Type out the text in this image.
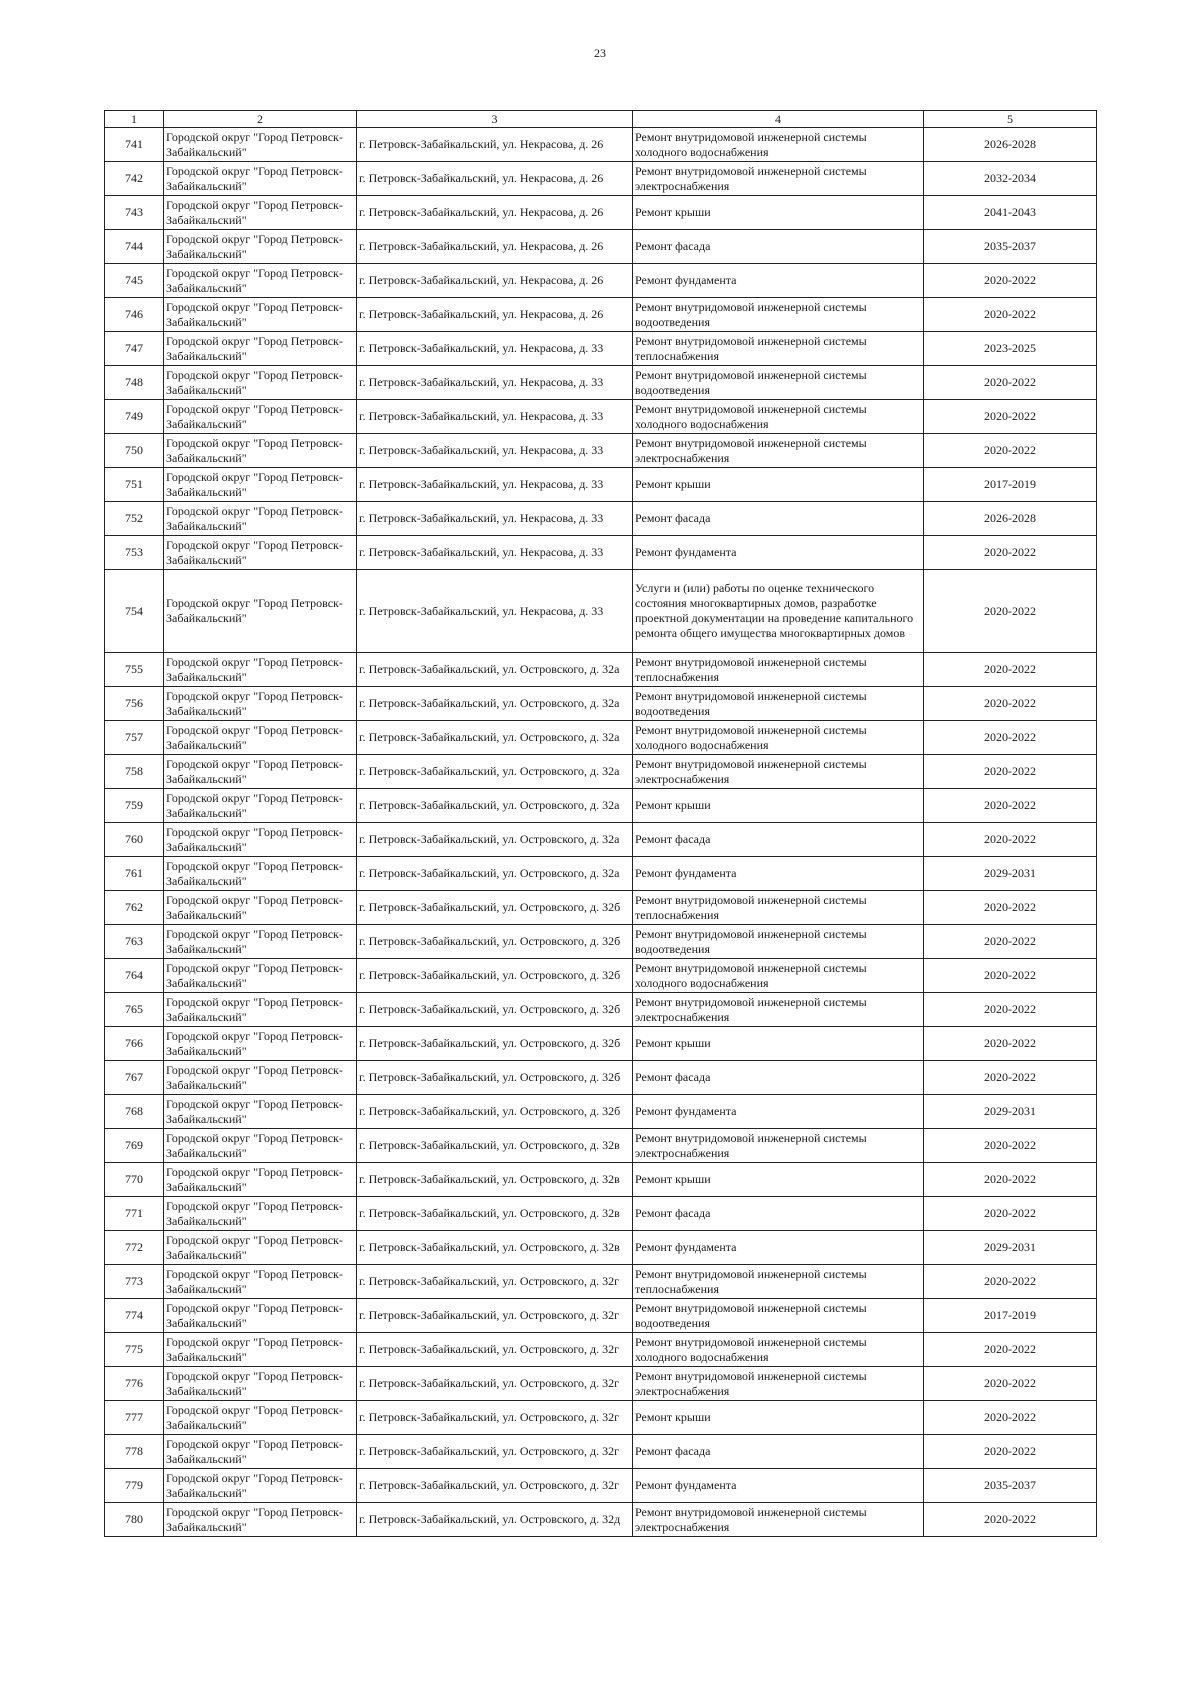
23
1	2	3	4	5
741	Городской округ "Город Петровск-Забайкальский"	г. Петровск-Забайкальский, ул. Некрасова, д. 26	Ремонт внутридомовой инженерной системы холодного водоснабжения	2026-2028
742	Городской округ "Город Петровск-Забайкальский"	г. Петровск-Забайкальский, ул. Некрасова, д. 26	Ремонт внутридомовой инженерной системы электроснабжения	2032-2034
743	Городской округ "Город Петровск-Забайкальский"	г. Петровск-Забайкальский, ул. Некрасова, д. 26	Ремонт крыши	2041-2043
744	Городской округ "Город Петровск-Забайкальский"	г. Петровск-Забайкальский, ул. Некрасова, д. 26	Ремонт фасада	2035-2037
745	Городской округ "Город Петровск-Забайкальский"	г. Петровск-Забайкальский, ул. Некрасова, д. 26	Ремонт фундамента	2020-2022
746	Городской округ "Город Петровск-Забайкальский"	г. Петровск-Забайкальский, ул. Некрасова, д. 26	Ремонт внутридомовой инженерной системы водоотведения	2020-2022
747	Городской округ "Город Петровск-Забайкальский"	г. Петровск-Забайкальский, ул. Некрасова, д. 33	Ремонт внутридомовой инженерной системы теплоснабжения	2023-2025
748	Городской округ "Город Петровск-Забайкальский"	г. Петровск-Забайкальский, ул. Некрасова, д. 33	Ремонт внутридомовой инженерной системы водоотведения	2020-2022
749	Городской округ "Город Петровск-Забайкальский"	г. Петровск-Забайкальский, ул. Некрасова, д. 33	Ремонт внутридомовой инженерной системы холодного водоснабжения	2020-2022
750	Городской округ "Город Петровск-Забайкальский"	г. Петровск-Забайкальский, ул. Некрасова, д. 33	Ремонт внутридомовой инженерной системы электроснабжения	2020-2022
751	Городской округ "Город Петровск-Забайкальский"	г. Петровск-Забайкальский, ул. Некрасова, д. 33	Ремонт крыши	2017-2019
752	Городской округ "Город Петровск-Забайкальский"	г. Петровск-Забайкальский, ул. Некрасова, д. 33	Ремонт фасада	2026-2028
753	Городской округ "Город Петровск-Забайкальский"	г. Петровск-Забайкальский, ул. Некрасова, д. 33	Ремонт фундамента	2020-2022
754	Городской округ "Город Петровск-Забайкальский"	г. Петровск-Забайкальский, ул. Некрасова, д. 33	Услуги и (или) работы по оценке технического состояния многоквартирных домов, разработке проектной документации на проведение капитального ремонта общего имущества многоквартирных домов	2020-2022
755	Городской округ "Город Петровск-Забайкальский"	г. Петровск-Забайкальский, ул. Островского, д. 32а	Ремонт внутридомовой инженерной системы теплоснабжения	2020-2022
756	Городской округ "Город Петровск-Забайкальский"	г. Петровск-Забайкальский, ул. Островского, д. 32а	Ремонт внутридомовой инженерной системы водоотведения	2020-2022
757	Городской округ "Город Петровск-Забайкальский"	г. Петровск-Забайкальский, ул. Островского, д. 32а	Ремонт внутридомовой инженерной системы холодного водоснабжения	2020-2022
758	Городской округ "Город Петровск-Забайкальский"	г. Петровск-Забайкальский, ул. Островского, д. 32а	Ремонт внутридомовой инженерной системы электроснабжения	2020-2022
759	Городской округ "Город Петровск-Забайкальский"	г. Петровск-Забайкальский, ул. Островского, д. 32а	Ремонт крыши	2020-2022
760	Городской округ "Город Петровск-Забайкальский"	г. Петровск-Забайкальский, ул. Островского, д. 32а	Ремонт фасада	2020-2022
761	Городской округ "Город Петровск-Забайкальский"	г. Петровск-Забайкальский, ул. Островского, д. 32а	Ремонт фундамента	2029-2031
762	Городской округ "Город Петровск-Забайкальский"	г. Петровск-Забайкальский, ул. Островского, д. 32б	Ремонт внутридомовой инженерной системы теплоснабжения	2020-2022
763	Городской округ "Город Петровск-Забайкальский"	г. Петровск-Забайкальский, ул. Островского, д. 32б	Ремонт внутридомовой инженерной системы водоотведения	2020-2022
764	Городской округ "Город Петровск-Забайкальский"	г. Петровск-Забайкальский, ул. Островского, д. 32б	Ремонт внутридомовой инженерной системы холодного водоснабжения	2020-2022
765	Городской округ "Город Петровск-Забайкальский"	г. Петровск-Забайкальский, ул. Островского, д. 32б	Ремонт внутридомовой инженерной системы электроснабжения	2020-2022
766	Городской округ "Город Петровск-Забайкальский"	г. Петровск-Забайкальский, ул. Островского, д. 32б	Ремонт крыши	2020-2022
767	Городской округ "Город Петровск-Забайкальский"	г. Петровск-Забайкальский, ул. Островского, д. 32б	Ремонт фасада	2020-2022
768	Городской округ "Город Петровск-Забайкальский"	г. Петровск-Забайкальский, ул. Островского, д. 32б	Ремонт фундамента	2029-2031
769	Городской округ "Город Петровск-Забайкальский"	г. Петровск-Забайкальский, ул. Островского, д. 32в	Ремонт внутридомовой инженерной системы электроснабжения	2020-2022
770	Городской округ "Город Петровск-Забайкальский"	г. Петровск-Забайкальский, ул. Островского, д. 32в	Ремонт крыши	2020-2022
771	Городской округ "Город Петровск-Забайкальский"	г. Петровск-Забайкальский, ул. Островского, д. 32в	Ремонт фасада	2020-2022
772	Городской округ "Город Петровск-Забайкальский"	г. Петровск-Забайкальский, ул. Островского, д. 32в	Ремонт фундамента	2029-2031
773	Городской округ "Город Петровск-Забайкальский"	г. Петровск-Забайкальский, ул. Островского, д. 32г	Ремонт внутридомовой инженерной системы теплоснабжения	2020-2022
774	Городской округ "Город Петровск-Забайкальский"	г. Петровск-Забайкальский, ул. Островского, д. 32г	Ремонт внутридомовой инженерной системы водоотведения	2017-2019
775	Городской округ "Город Петровск-Забайкальский"	г. Петровск-Забайкальский, ул. Островского, д. 32г	Ремонт внутридомовой инженерной системы холодного водоснабжения	2020-2022
776	Городской округ "Город Петровск-Забайкальский"	г. Петровск-Забайкальский, ул. Островского, д. 32г	Ремонт внутридомовой инженерной системы электроснабжения	2020-2022
777	Городской округ "Город Петровск-Забайкальский"	г. Петровск-Забайкальский, ул. Островского, д. 32г	Ремонт крыши	2020-2022
778	Городской округ "Город Петровск-Забайкальский"	г. Петровск-Забайкальский, ул. Островского, д. 32г	Ремонт фасада	2020-2022
779	Городской округ "Город Петровск-Забайкальский"	г. Петровск-Забайкальский, ул. Островского, д. 32г	Ремонт фундамента	2035-2037
780	Городской округ "Город Петровск-Забайкальский"	г. Петровск-Забайкальский, ул. Островского, д. 32д	Ремонт внутридомовой инженерной системы электроснабжения	2020-2022
